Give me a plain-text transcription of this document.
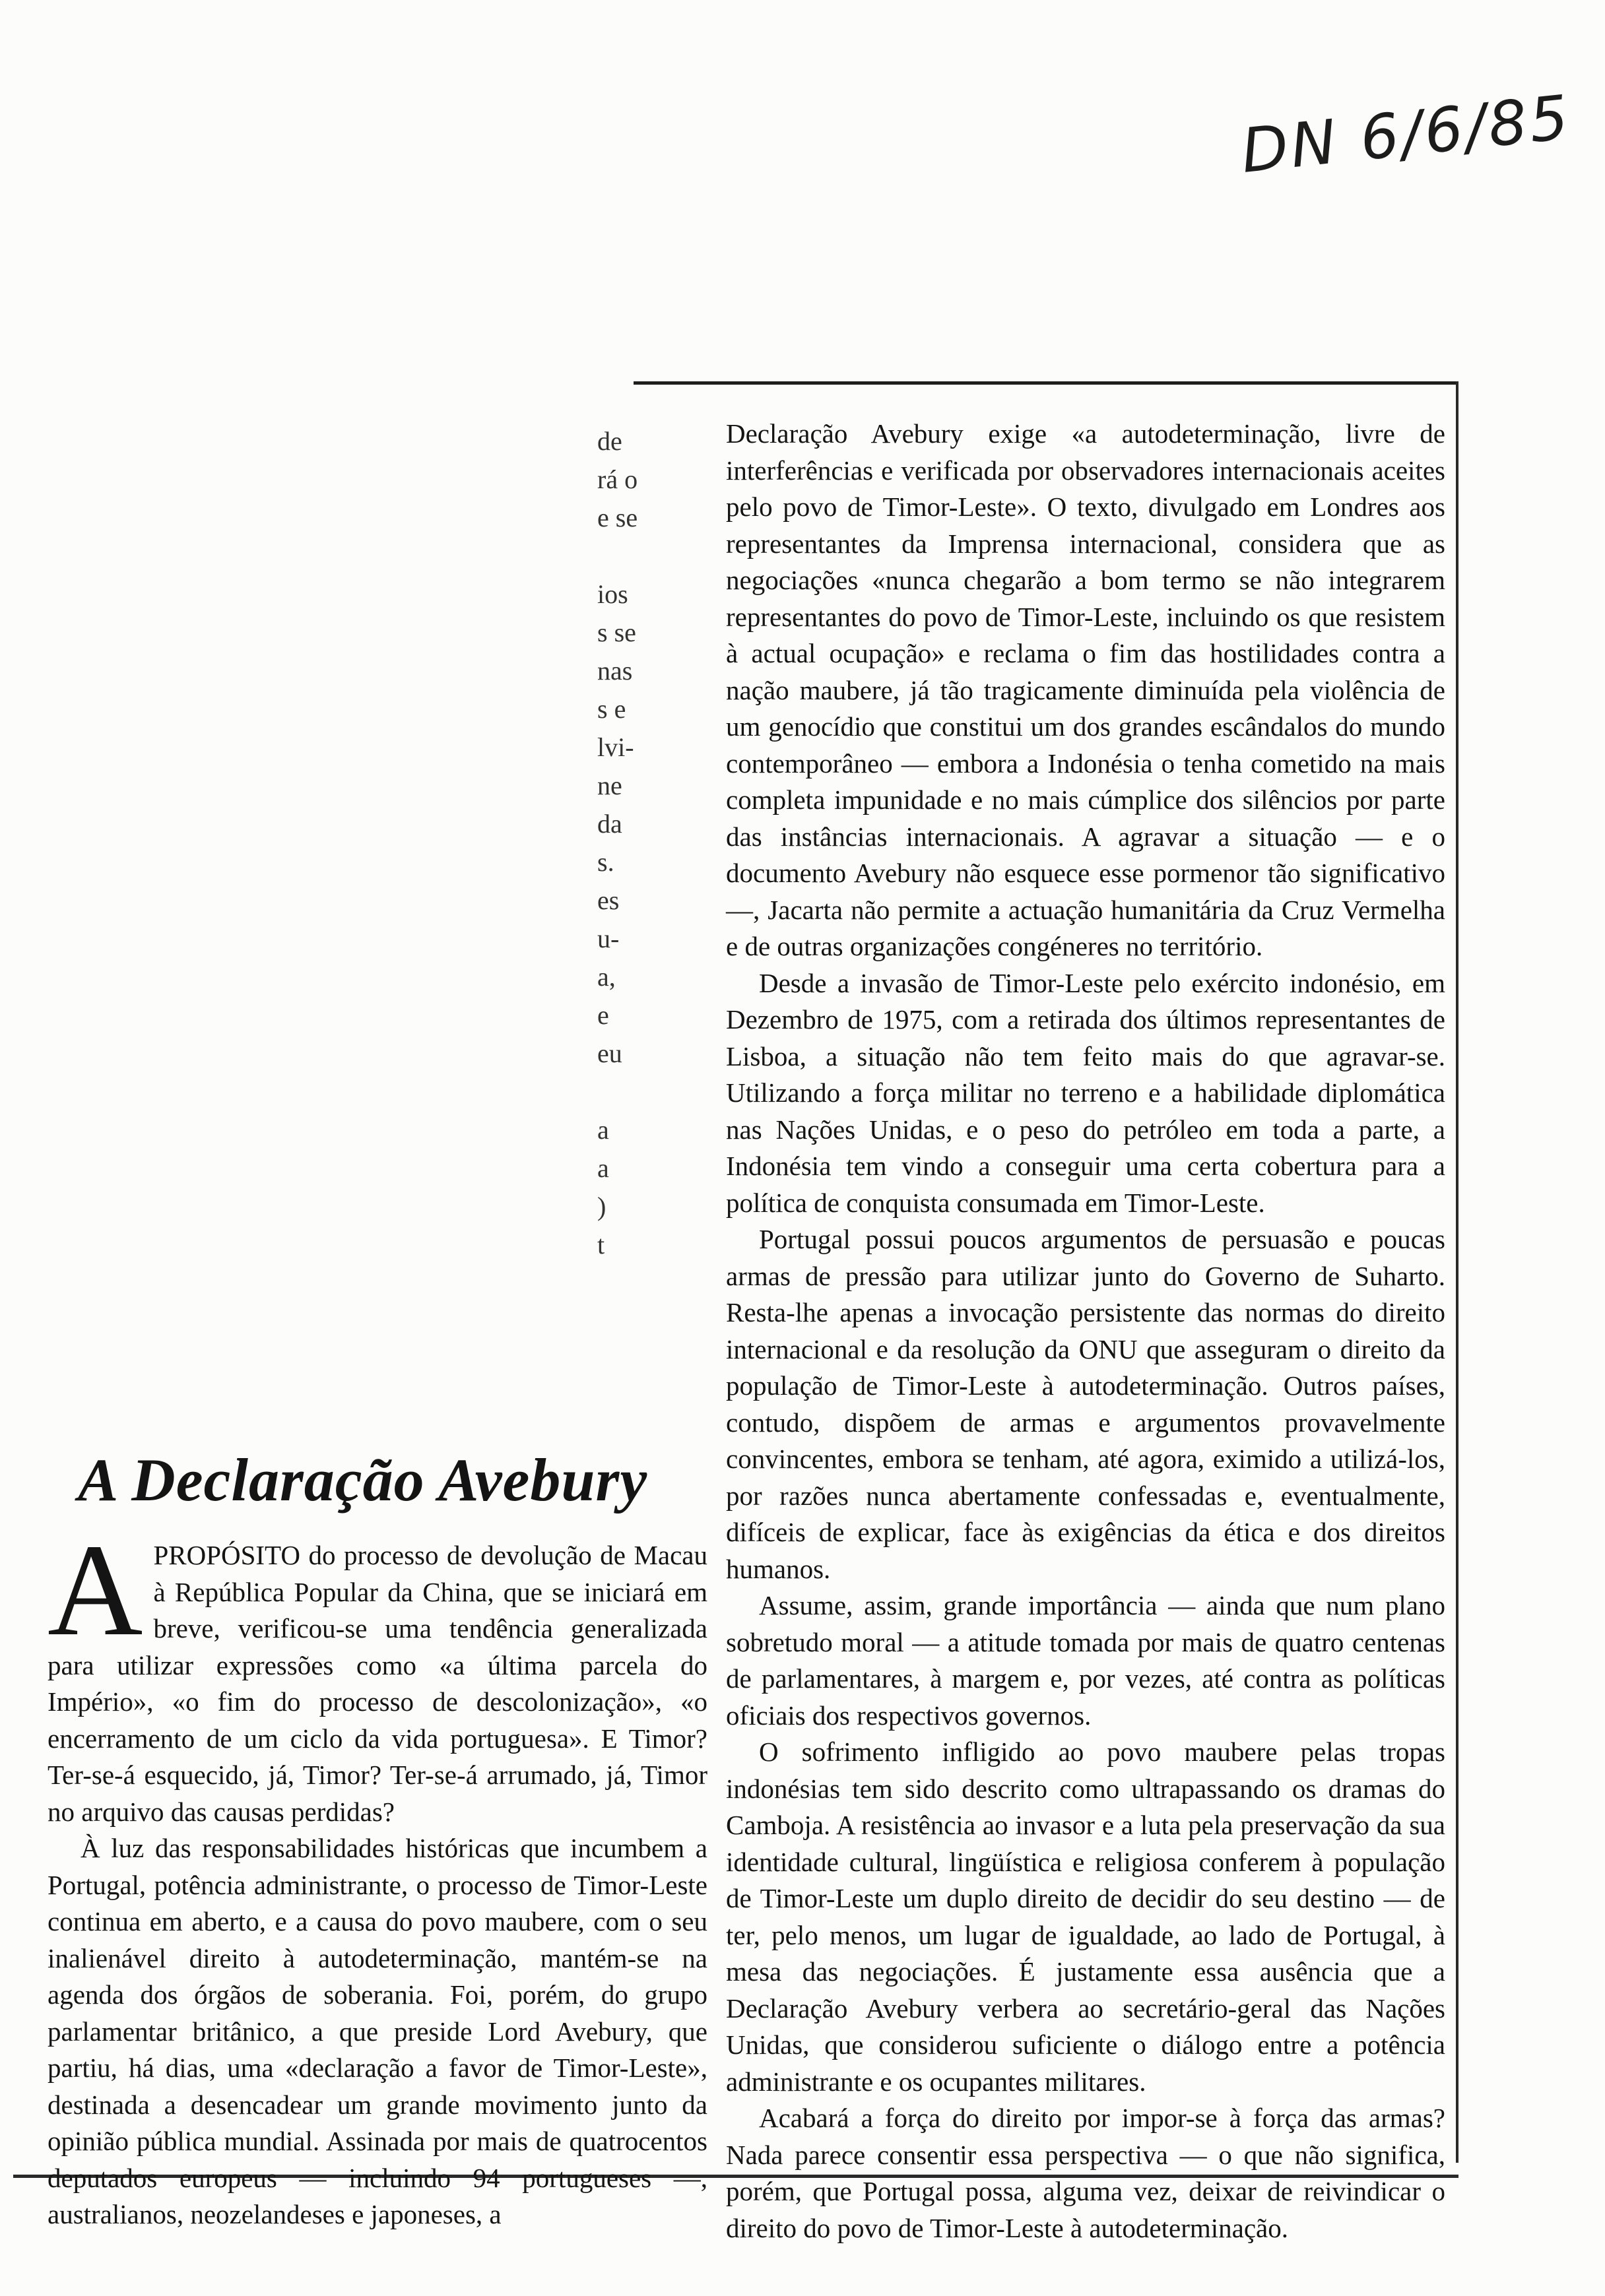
DN 6/6/85
de
rá o
e se
ios
s se
nas
s e
lvi-
ne
da
s.
es
u-
a,
e
eu
a
a
)
t

Declaração Avebury exige «a autodeterminação, livre de interferências e verificada por observadores internacionais aceites pelo povo de Timor-Leste». O texto, divulgado em Londres aos representantes da Imprensa internacional, considera que as negociações «nunca chegarão a bom termo se não integrarem representantes do povo de Timor-Leste, incluindo os que resistem à actual ocupação» e reclama o fim das hostilidades contra a nação maubere, já tão tragicamente diminuída pela violência de um genocídio que constitui um dos grandes escândalos do mundo contemporâneo — embora a Indonésia o tenha cometido na mais completa impunidade e no mais cúmplice dos silêncios por parte das instâncias internacionais. A agravar a situação — e o documento Avebury não esquece esse pormenor tão significativo —, Jacarta não permite a actuação humanitária da Cruz Vermelha e de outras organizações congéneres no território.

Desde a invasão de Timor-Leste pelo exército indonésio, em Dezembro de 1975, com a retirada dos últimos representantes de Lisboa, a situação não tem feito mais do que agravar-se. Utilizando a força militar no terreno e a habilidade diplomática nas Nações Unidas, e o peso do petróleo em toda a parte, a Indonésia tem vindo a conseguir uma certa cobertura para a política de conquista consumada em Timor-Leste.

Portugal possui poucos argumentos de persuasão e poucas armas de pressão para utilizar junto do Governo de Suharto. Resta-lhe apenas a invocação persistente das normas do direito internacional e da resolução da ONU que asseguram o direito da população de Timor-Leste à autodeterminação. Outros países, contudo, dispõem de armas e argumentos provavelmente convincentes, embora se tenham, até agora, eximido a utilizá-los, por razões nunca abertamente confessadas e, eventualmente, difíceis de explicar, face às exigências da ética e dos direitos humanos.

Assume, assim, grande importância — ainda que num plano sobretudo moral — a atitude tomada por mais de quatro centenas de parlamentares, à margem e, por vezes, até contra as políticas oficiais dos respectivos governos.

O sofrimento infligido ao povo maubere pelas tropas indonésias tem sido descrito como ultrapassando os dramas do Camboja. A resistência ao invasor e a luta pela preservação da sua identidade cultural, lingüística e religiosa conferem à população de Timor-Leste um duplo direito de decidir do seu destino — de ter, pelo menos, um lugar de igualdade, ao lado de Portugal, à mesa das negociações. É justamente essa ausência que a Declaração Avebury verbera ao secretário-geral das Nações Unidas, que considerou suficiente o diálogo entre a potência administrante e os ocupantes militares.

Acabará a força do direito por impor-se à força das armas? Nada parece consentir essa perspectiva — o que não significa, porém, que Portugal possa, alguma vez, deixar de reivindicar o direito do povo de Timor-Leste à autodeterminação.

A Declaração Avebury

APROPÓSITO do processo de devolução de Macau à República Popular da China, que se iniciará em breve, verificou-se uma tendência generalizada para utilizar expressões como «a última parcela do Império», «o fim do processo de descolonização», «o encerramento de um ciclo da vida portuguesa». E Timor? Ter-se-á esquecido, já, Timor? Ter-se-á arrumado, já, Timor no arquivo das causas perdidas?

À luz das responsabilidades históricas que incumbem a Portugal, potência administrante, o processo de Timor-Leste continua em aberto, e a causa do povo maubere, com o seu inalienável direito à autodeterminação, mantém-se na agenda dos órgãos de soberania. Foi, porém, do grupo parlamentar britânico, a que preside Lord Avebury, que partiu, há dias, uma «declaração a favor de Timor-Leste», destinada a desencadear um grande movimento junto da opinião pública mundial. Assinada por mais de quatrocentos deputados europeus — incluindo 94 portugueses —, australianos, neozelandeses e japoneses, a
